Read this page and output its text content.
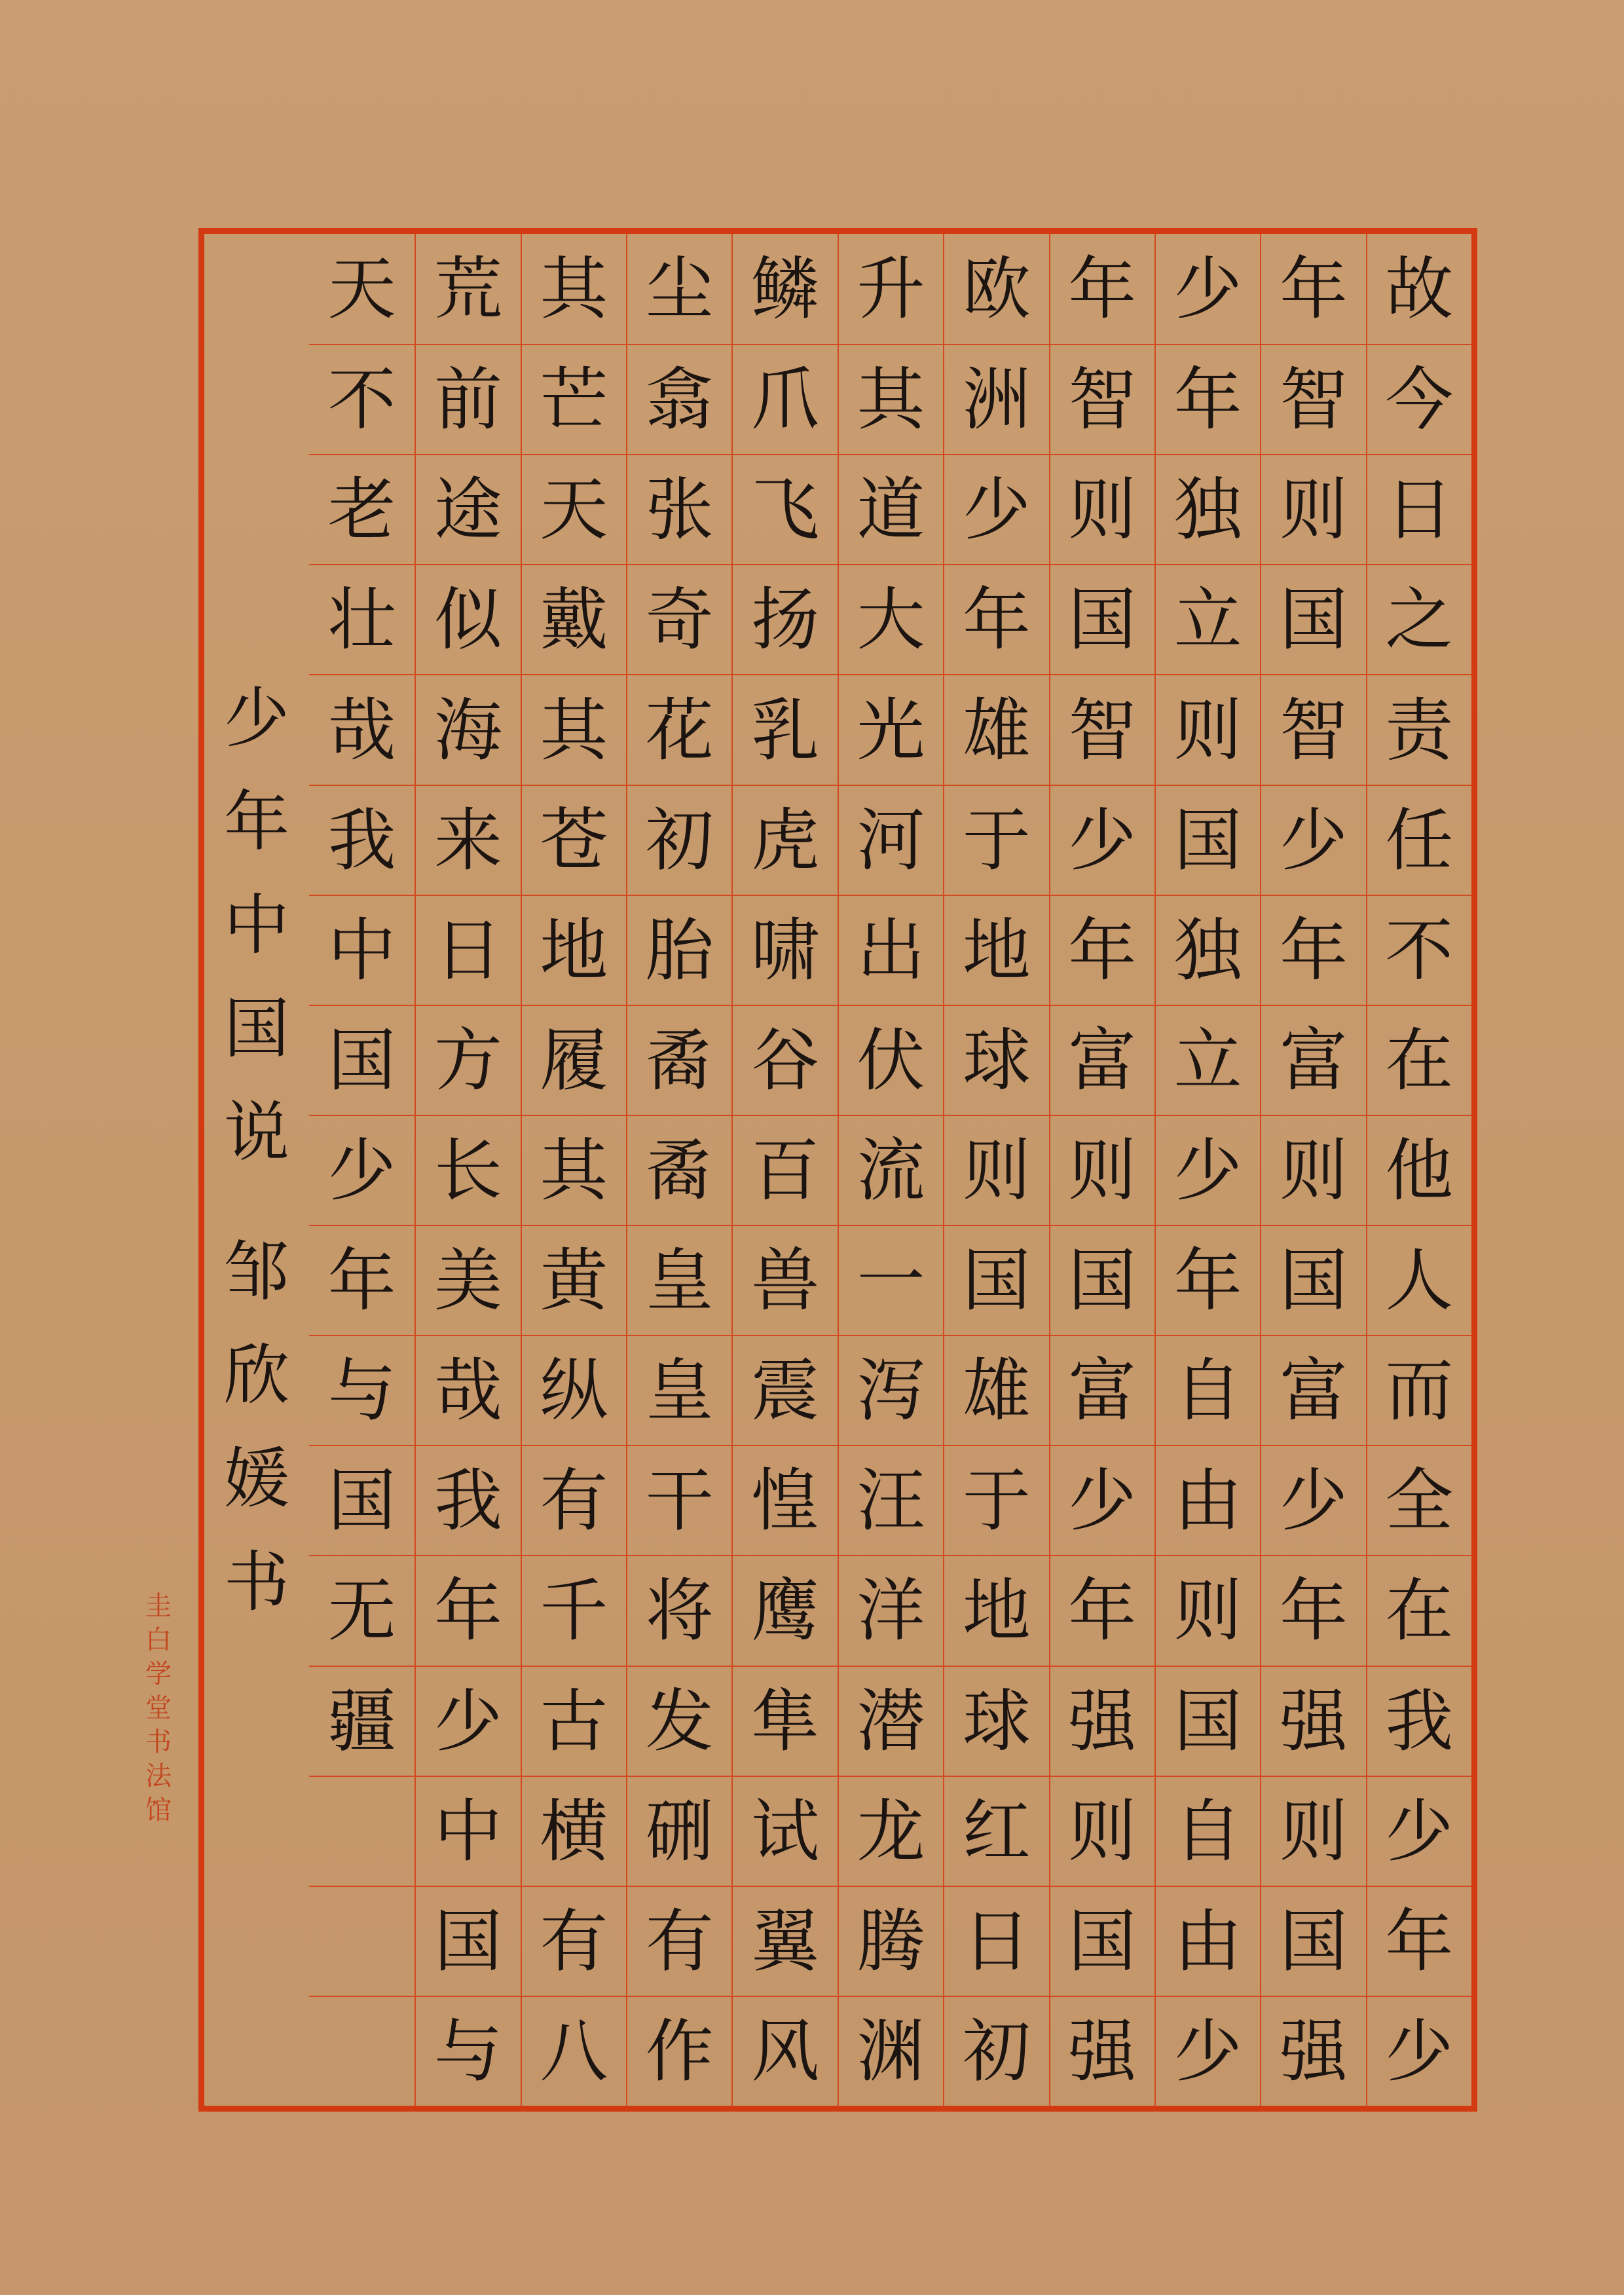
少
年
中
国
说
邹
欣
媛
书
故
今
日
之
责
任
不
在
他
人
而
全
在
我
少
年
少
年
智
则
国
智
少
年
富
则
国
富
少
年
强
则
国
强
少
年
独
立
则
国
独
立
少
年
自
由
则
国
自
由
少
年
智
则
国
智
少
年
富
则
国
富
少
年
强
则
国
强
欧
洲
少
年
雄
于
地
球
则
国
雄
于
地
球
红
日
初
升
其
道
大
光
河
出
伏
流
一
泻
汪
洋
潜
龙
腾
渊
鳞
爪
飞
扬
乳
虎
啸
谷
百
兽
震
惶
鹰
隼
试
翼
风
尘
翕
张
奇
花
初
胎
矞
矞
皇
皇
干
将
发
硎
有
作
其
芒
天
戴
其
苍
地
履
其
黄
纵
有
千
古
横
有
八
荒
前
途
似
海
来
日
方
长
美
哉
我
年
少
中
国
与
天
不
老
壮
哉
我
中
国
少
年
与
国
无
疆
圭
白
学
堂
书
法
馆
